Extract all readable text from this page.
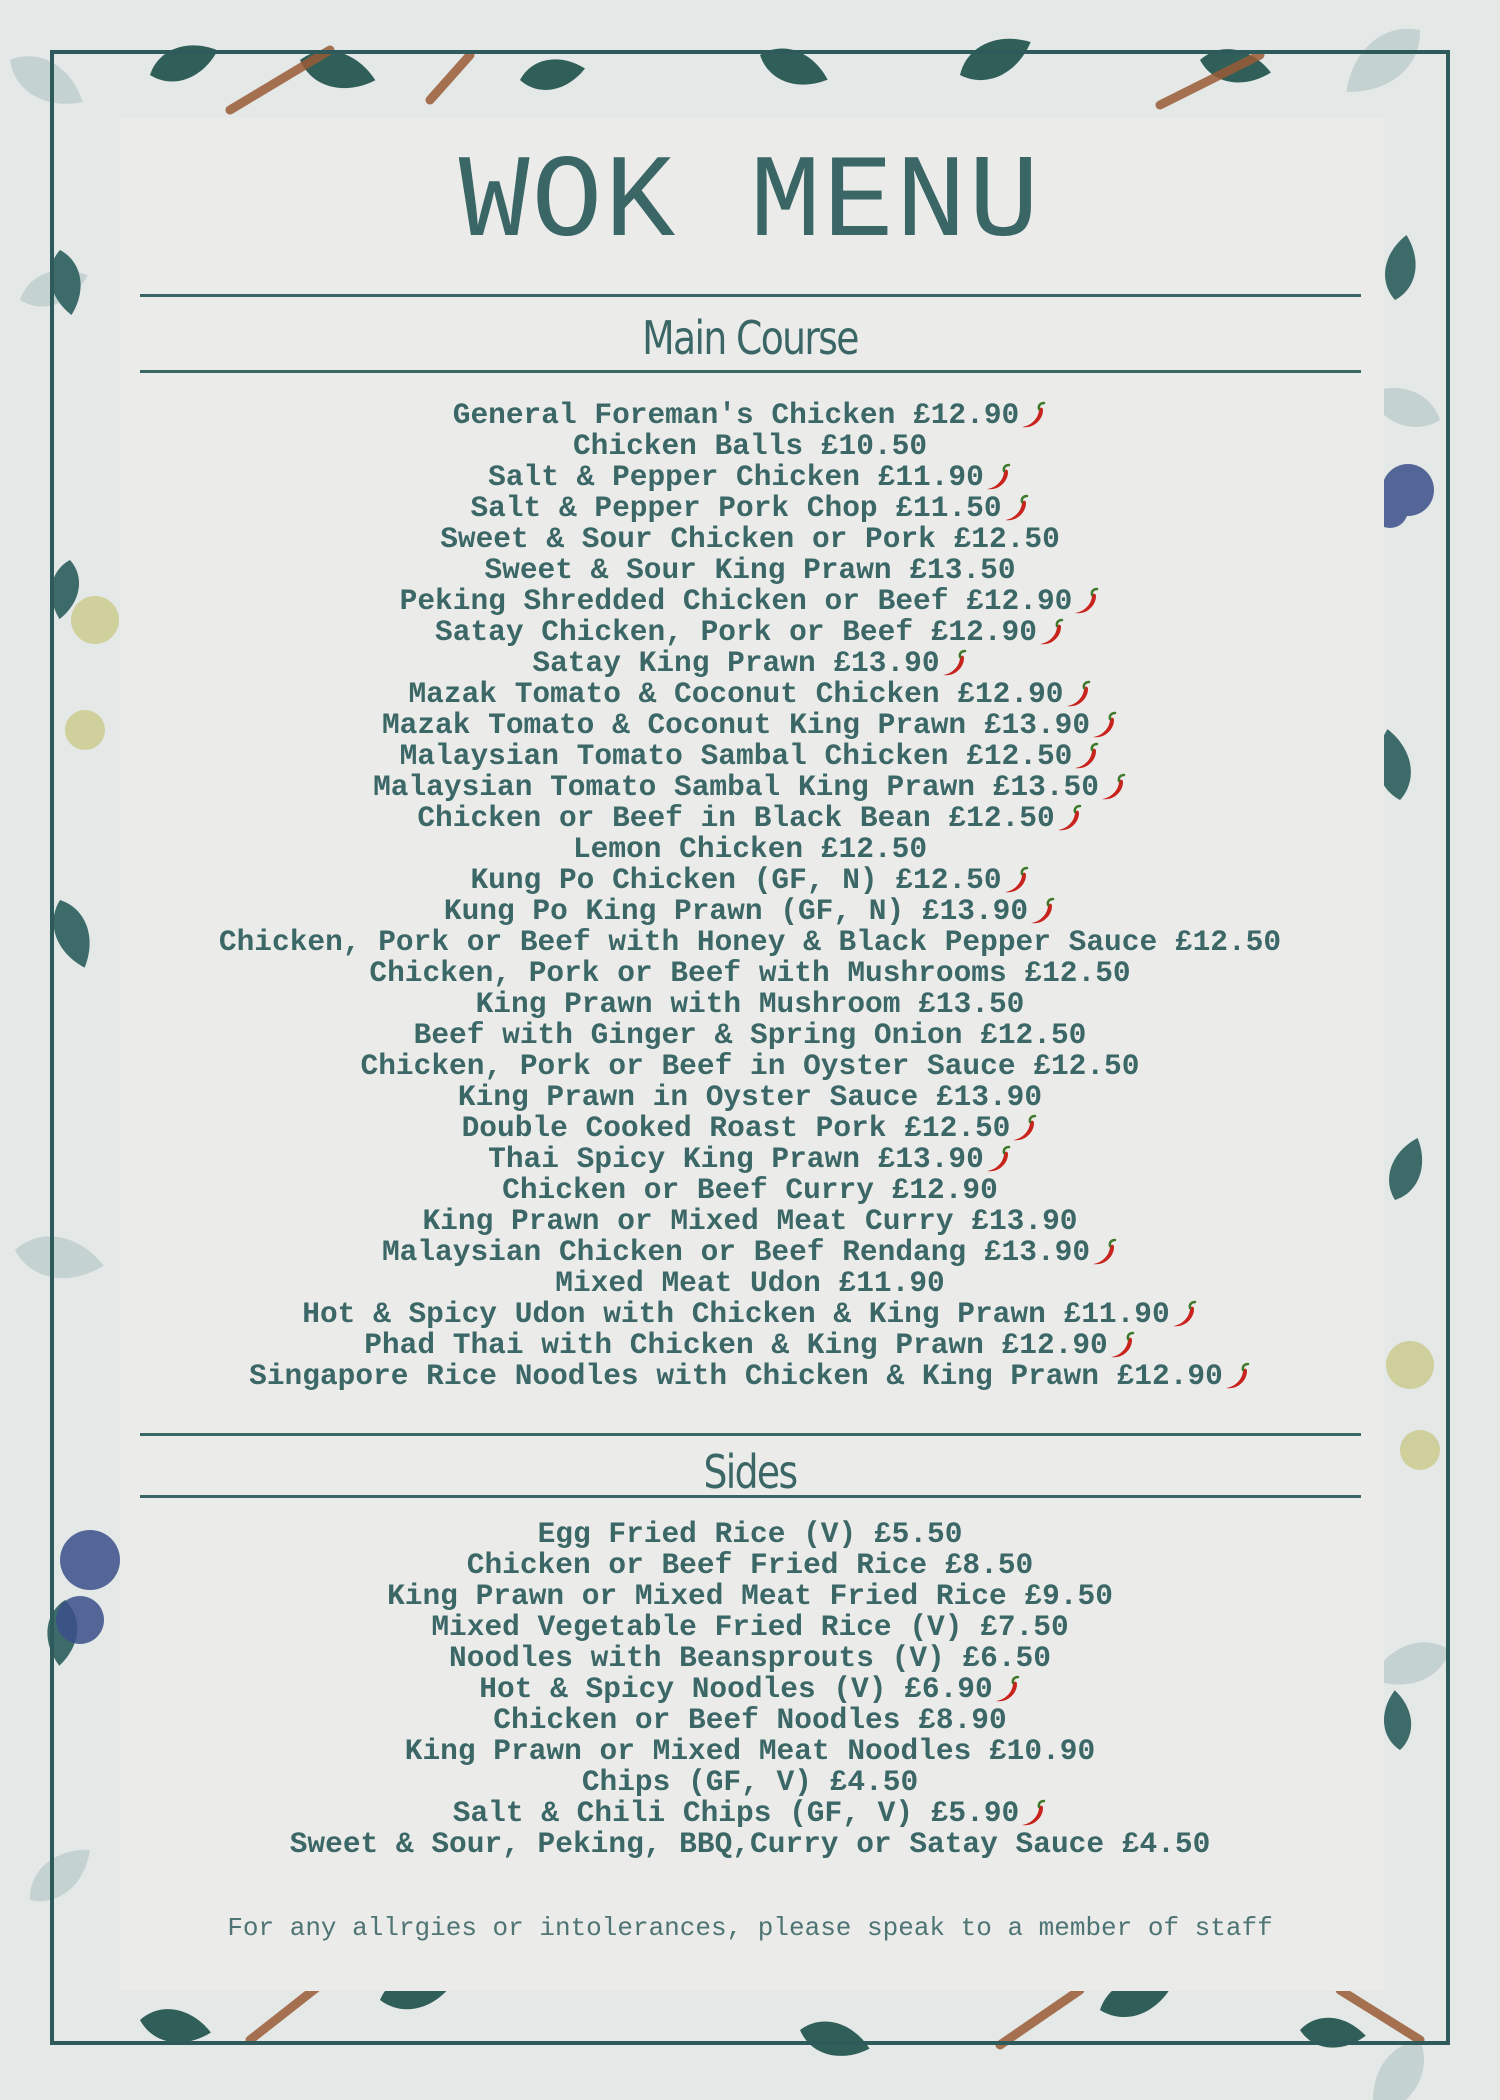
WOK MENU
Main Course
General Foreman's Chicken £12.90
Chicken Balls £10.50
Salt & Pepper Chicken £11.90
Salt & Pepper Pork Chop £11.50
Sweet & Sour Chicken or Pork £12.50
Sweet & Sour King Prawn £13.50
Peking Shredded Chicken or Beef £12.90
Satay Chicken, Pork or Beef £12.90
Satay King Prawn £13.90
Mazak Tomato & Coconut Chicken £12.90
Mazak Tomato & Coconut King Prawn £13.90
Malaysian Tomato Sambal Chicken £12.50
Malaysian Tomato Sambal King Prawn £13.50
Chicken or Beef in Black Bean £12.50
Lemon Chicken £12.50
Kung Po Chicken (GF, N) £12.50
Kung Po King Prawn (GF, N) £13.90
Chicken, Pork or Beef with Honey & Black Pepper Sauce £12.50
Chicken, Pork or Beef with Mushrooms £12.50
King Prawn with Mushroom £13.50
Beef with Ginger & Spring Onion £12.50
Chicken, Pork or Beef in Oyster Sauce £12.50
King Prawn in Oyster Sauce £13.90
Double Cooked Roast Pork £12.50
Thai Spicy King Prawn £13.90
Chicken or Beef Curry £12.90
King Prawn or Mixed Meat Curry £13.90
Malaysian Chicken or Beef Rendang £13.90
Mixed Meat Udon £11.90
Hot & Spicy Udon with Chicken & King Prawn £11.90
Phad Thai with Chicken & King Prawn £12.90
Singapore Rice Noodles with Chicken & King Prawn £12.90
Sides
Egg Fried Rice (V) £5.50
Chicken or Beef Fried Rice £8.50
King Prawn or Mixed Meat Fried Rice £9.50
Mixed Vegetable Fried Rice (V) £7.50
Noodles with Beansprouts (V) £6.50
Hot & Spicy Noodles (V) £6.90
Chicken or Beef Noodles £8.90
King Prawn or Mixed Meat Noodles £10.90
Chips (GF, V) £4.50
Salt & Chili Chips (GF, V) £5.90
Sweet & Sour, Peking, BBQ,Curry or Satay Sauce £4.50
For any allrgies or intolerances, please speak to a member of staff
